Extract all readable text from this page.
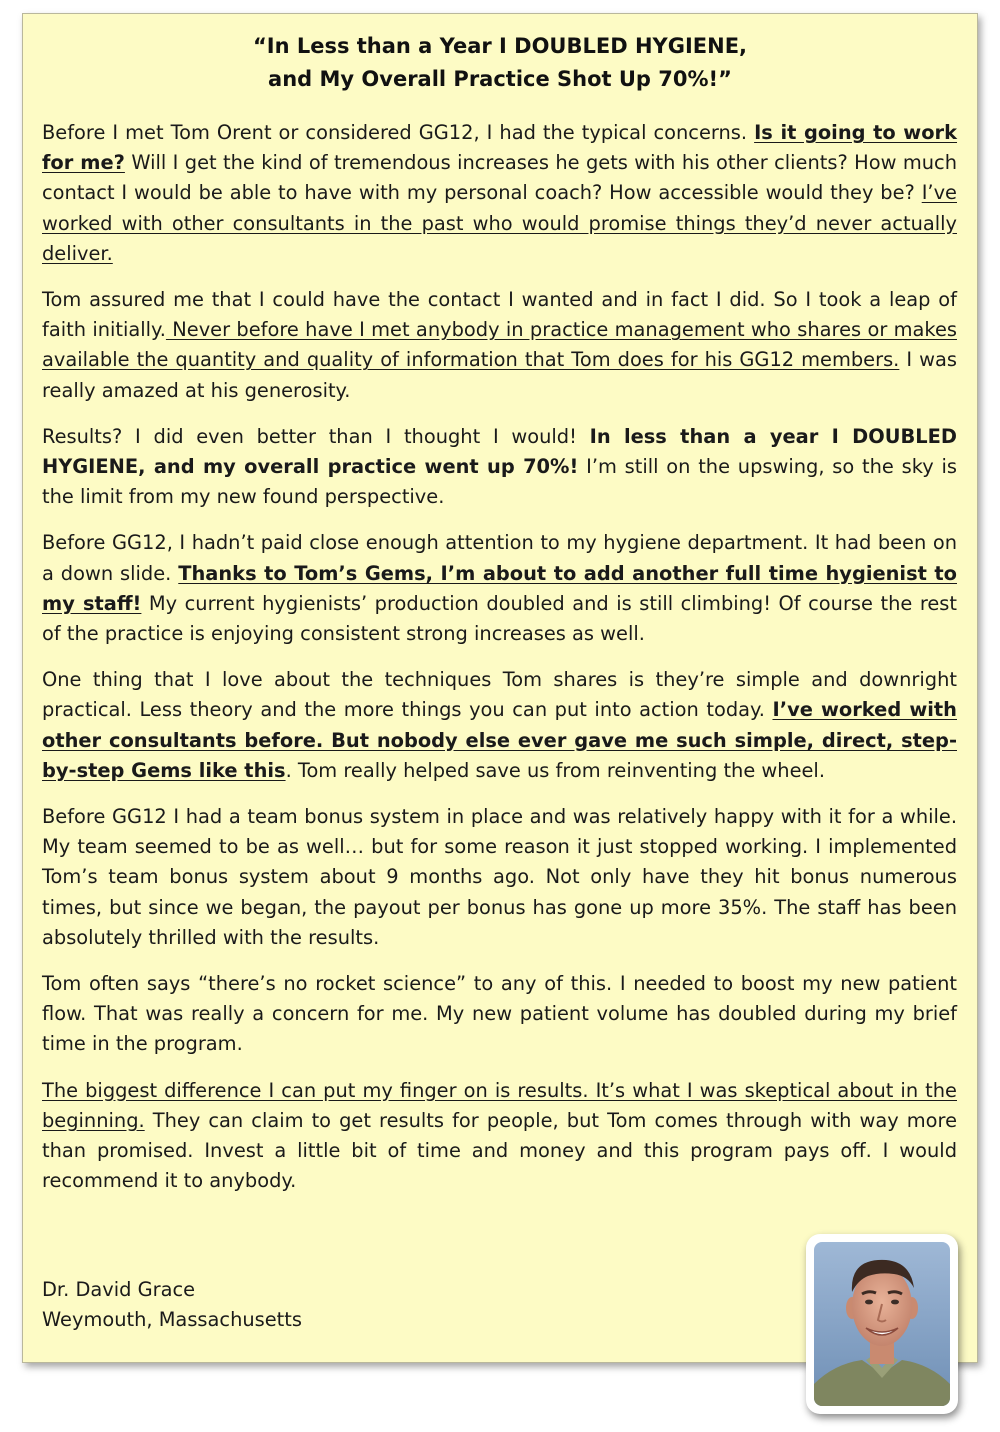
“In Less than a Year I DOUBLED HYGIENE,
and My Overall Practice Shot Up 70%!”

Before I met Tom Orent or considered GG12, I had the typical concerns. Is it going to work for me? Will I get the kind of tremendous increases he gets with his other clients? How much contact I would be able to have with my personal coach? How accessible would they be? I’ve worked with other consultants in the past who would promise things they’d never actually deliver.

Tom assured me that I could have the contact I wanted and in fact I did. So I took a leap of faith initially. Never before have I met anybody in practice management who shares or makes available the quantity and quality of information that Tom does for his GG12 members. I was really amazed at his generosity.

Results? I did even better than I thought I would! In less than a year I DOUBLED HYGIENE, and my overall practice went up 70%! I’m still on the upswing, so the sky is the limit from my new found perspective.

Before GG12, I hadn’t paid close enough attention to my hygiene department. It had been on a down slide. Thanks to Tom’s Gems, I’m about to add another full time hygienist to my staff! My current hygienists’ production doubled and is still climbing! Of course the rest of the practice is enjoying consistent strong increases as well.

One thing that I love about the techniques Tom shares is they’re simple and downright practical. Less theory and the more things you can put into action today. I’ve worked with other consultants before. But nobody else ever gave me such simple, direct, step-by-step Gems like this. Tom really helped save us from reinventing the wheel.

Before GG12 I had a team bonus system in place and was relatively happy with it for a while. My team seemed to be as well… but for some reason it just stopped working. I implemented Tom’s team bonus system about 9 months ago. Not only have they hit bonus numerous times, but since we began, the payout per bonus has gone up more 35%. The staff has been absolutely thrilled with the results.

Tom often says “there’s no rocket science” to any of this. I needed to boost my new patient flow. That was really a concern for me. My new patient volume has doubled during my brief time in the program.

The biggest difference I can put my finger on is results. It’s what I was skeptical about in the beginning. They can claim to get results for people, but Tom comes through with way more than promised. Invest a little bit of time and money and this program pays off. I would recommend it to anybody.

Dr. David Grace
Weymouth, Massachusetts
